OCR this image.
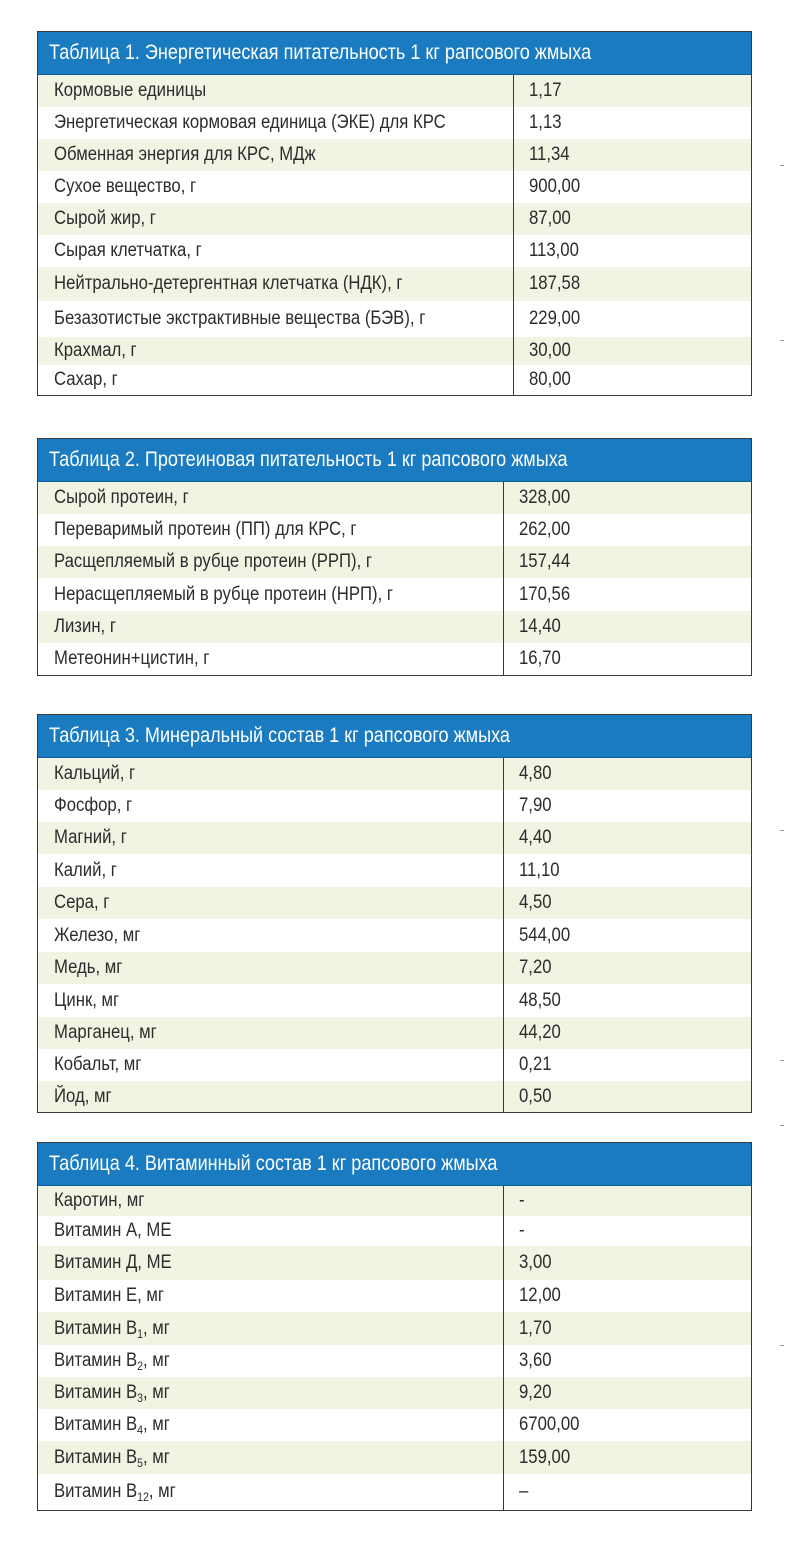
Таблица 1. Энергетическая питательность 1 кг рапсового жмыха
Кормовые единицы	1,17
Энергетическая кормовая единица (ЭКЕ) для КРС	1,13
Обменная энергия для КРС, МДж	11,34
Сухое вещество, г	900,00
Сырой жир, г	87,00
Сырая клетчатка, г	113,00
Нейтрально-детергентная клетчатка (НДК), г	187,58
Безазотистые экстрактивные вещества (БЭВ), г	229,00
Крахмал, г	30,00
Сахар, г	80,00
Таблица 2. Протеиновая питательность 1 кг рапсового жмыха
Сырой протеин, г	328,00
Переваримый протеин (ПП) для КРС, г	262,00
Расщепляемый в рубце протеин (РРП), г	157,44
Нерасщепляемый в рубце протеин (НРП), г	170,56
Лизин, г	14,40
Метеонин+цистин, г	16,70
Таблица 3. Минеральный состав 1 кг рапсового жмыха
Кальций, г	4,80
Фосфор, г	7,90
Магний, г	4,40
Калий, г	11,10
Сера, г	4,50
Железо, мг	544,00
Медь, мг	7,20
Цинк, мг	48,50
Марганец, мг	44,20
Кобальт, мг	0,21
Йод, мг	0,50
Таблица 4. Витаминный состав 1 кг рапсового жмыха
Каротин, мг	-
Витамин А, МЕ	-
Витамин Д, МЕ	3,00
Витамин Е, мг	12,00
Витамин $В_1$, мг	1,70
Витамин $В_2$, мг	3,60
Витамин $В_3$, мг	9,20
Витамин $В_4$, мг	6700,00
Витамин $В_5$, мг	159,00
Витамин $В_{12}$, мг	–
